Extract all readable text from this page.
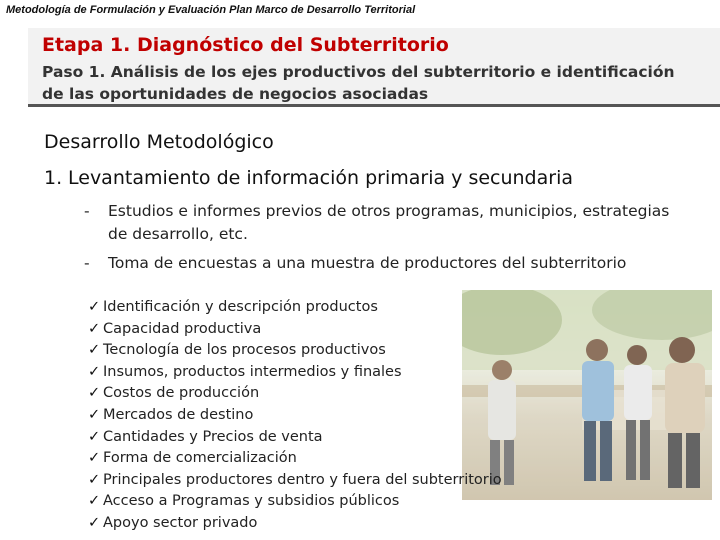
Metodología de Formulación y Evaluación Plan Marco de Desarrollo Territorial
Etapa 1. Diagnóstico del Subterritorio
Paso 1. Análisis de los ejes productivos del subterritorio e identificación de las oportunidades de negocios asociadas
Desarrollo Metodológico
1. Levantamiento de información primaria y secundaria
- Estudios e informes previos de otros programas, municipios, estrategias de desarrollo, etc.
- Toma de encuestas a una muestra de productores del subterritorio
✓ Identificación y descripción productos
✓ Capacidad productiva
✓ Tecnología de los procesos productivos
✓ Insumos, productos intermedios y finales
✓ Costos de producción
✓ Mercados de destino
✓ Cantidades y Precios de venta
✓ Forma de comercialización
✓ Principales productores dentro y fuera del subterritorio
✓ Acceso a Programas y subsidios públicos
✓ Apoyo sector privado
